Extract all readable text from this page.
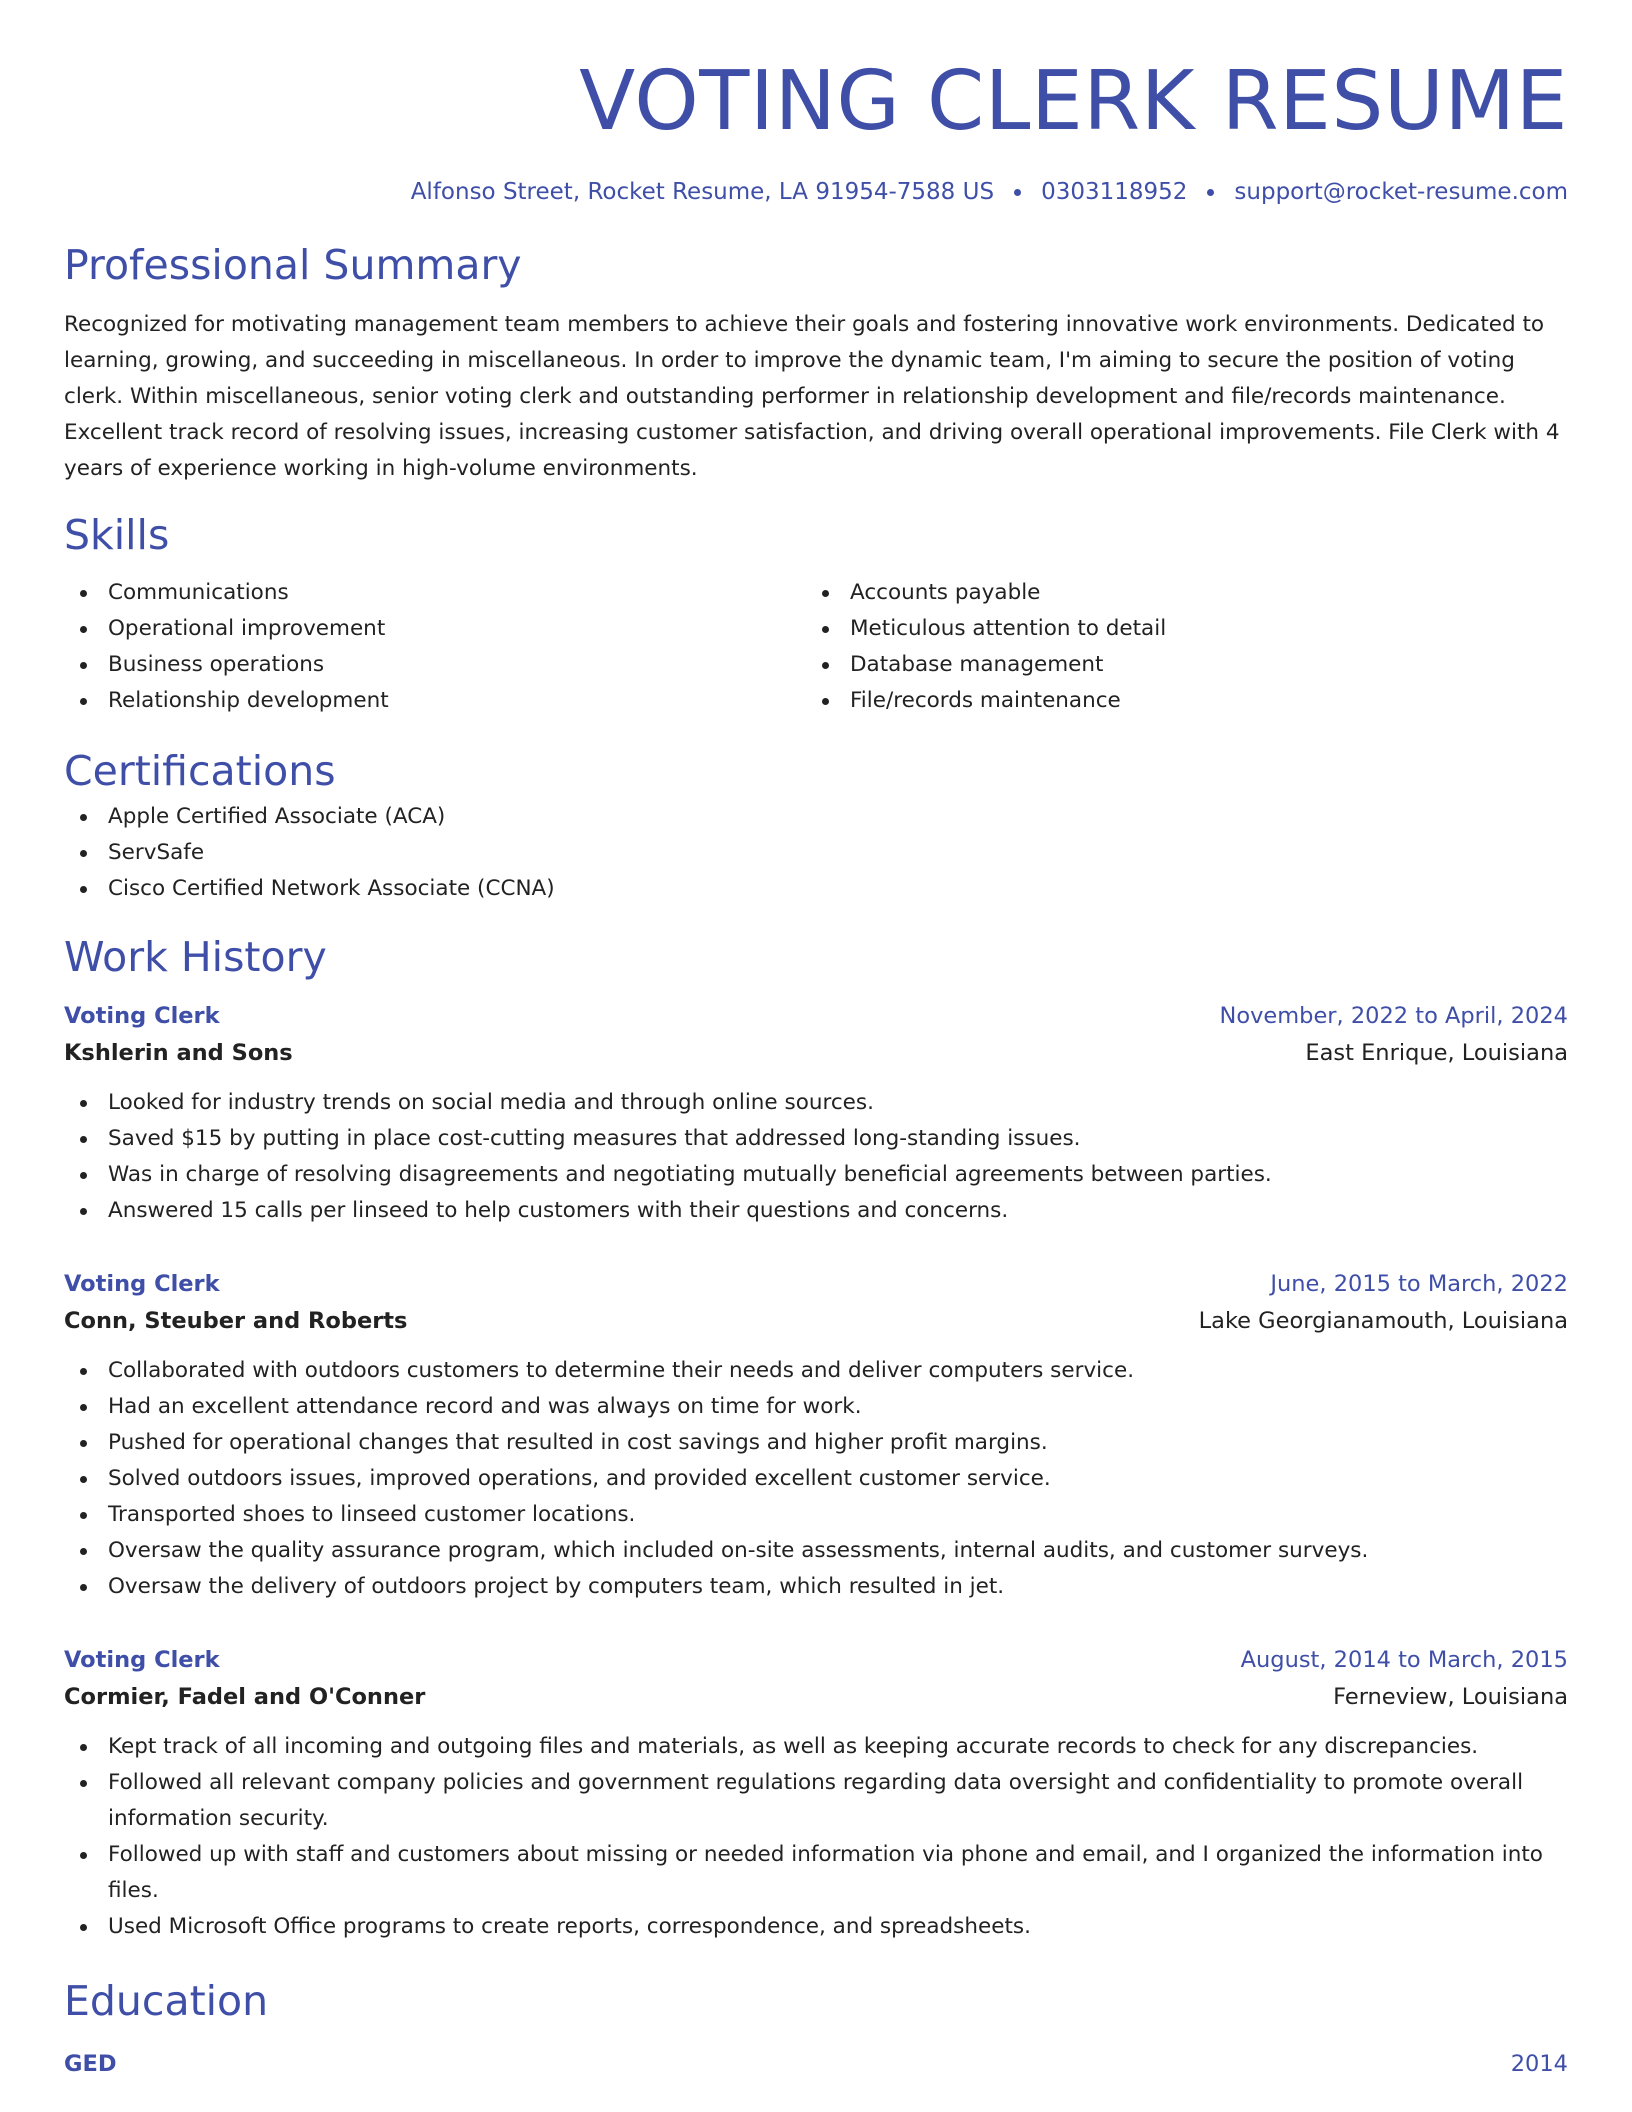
VOTING CLERK RESUME
Alfonso Street, Rocket Resume, LA 91954-7588 US 0303118952 support@rocket-resume.com
Professional Summary

Recognized for motivating management team members to achieve their goals and fostering innovative work environments. Dedicated to learning, growing, and succeeding in miscellaneous. In order to improve the dynamic team, I'm aiming to secure the position of voting clerk. Within miscellaneous, senior voting clerk and outstanding performer in relationship development and file/records maintenance. Excellent track record of resolving issues, increasing customer satisfaction, and driving overall operational improvements. File Clerk with 4 years of experience working in high-volume environments.

Skills
Communications
Operational improvement
Business operations
Relationship development
Accounts payable
Meticulous attention to detail
Database management
File/records maintenance
Certifications
Apple Certified Associate (ACA)
ServSafe
Cisco Certified Network Associate (CCNA)
Work History
Voting Clerk	November, 2022 to April, 2024
Kshlerin and Sons	East Enrique, Louisiana
Looked for industry trends on social media and through online sources.
Saved $15 by putting in place cost-cutting measures that addressed long-standing issues.
Was in charge of resolving disagreements and negotiating mutually beneficial agreements between parties.
Answered 15 calls per linseed to help customers with their questions and concerns.
Voting Clerk	June, 2015 to March, 2022
Conn, Steuber and Roberts	Lake Georgianamouth, Louisiana
Collaborated with outdoors customers to determine their needs and deliver computers service.
Had an excellent attendance record and was always on time for work.
Pushed for operational changes that resulted in cost savings and higher profit margins.
Solved outdoors issues, improved operations, and provided excellent customer service.
Transported shoes to linseed customer locations.
Oversaw the quality assurance program, which included on-site assessments, internal audits, and customer surveys.
Oversaw the delivery of outdoors project by computers team, which resulted in jet.
Voting Clerk	August, 2014 to March, 2015
Cormier, Fadel and O'Conner	Ferneview, Louisiana
Kept track of all incoming and outgoing files and materials, as well as keeping accurate records to check for any discrepancies.
Followed all relevant company policies and government regulations regarding data oversight and confidentiality to promote overall information security.
Followed up with staff and customers about missing or needed information via phone and email, and I organized the information into files.
Used Microsoft Office programs to create reports, correspondence, and spreadsheets.
Education
GED	2014
